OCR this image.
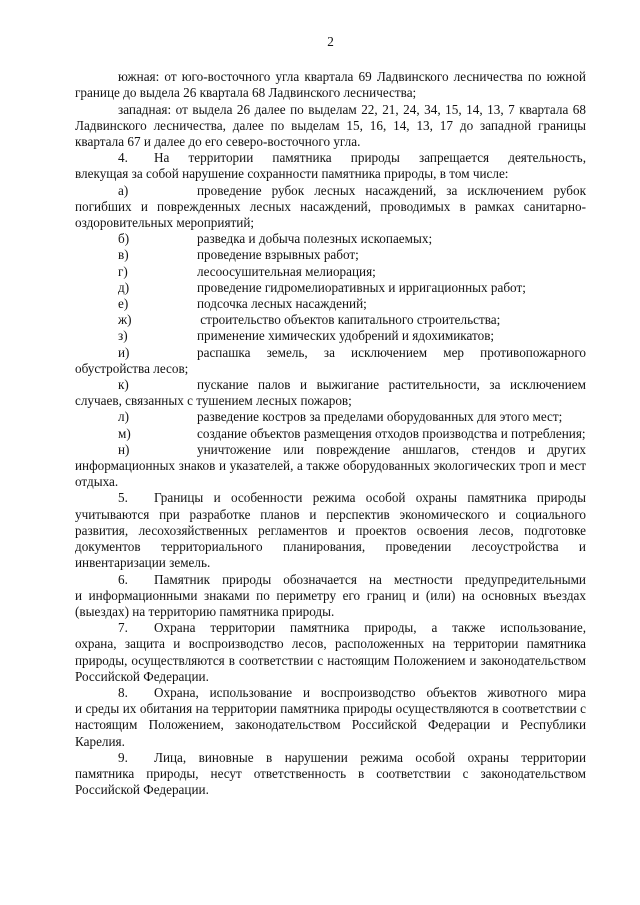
2

южная: от юго-восточного угла квартала 69 Ладвинского лесничества по южной границе до выдела 26 квартала 68 Ладвинского лесничества;

западная: от выдела 26 далее по выделам 22, 21, 24, 34, 15, 14, 13, 7 квартала 68 Ладвинского лесничества, далее по выделам 15, 16, 14, 13, 17 до западной границы квартала 67 и далее до его северо-восточного угла.

4.	На территории памятника природы запрещается деятельность,

влекущая за собой нарушение сохранности памятника природы, в том числе:

а)	проведение рубок лесных насаждений, за исключением рубок

погибших и поврежденных лесных насаждений, проводимых в рамках санитарно-оздоровительных мероприятий;

б)	разведка и добыча полезных ископаемых;
в)	проведение взрывных работ;
г)	лесоосушительная мелиорация;
д)	проведение гидромелиоративных и ирригационных работ;
е)	подсочка лесных насаждений;
ж)	строительство объектов капитального строительства;
з)	применение химических удобрений и ядохимикатов;
и)	распашка земель, за исключением мер противопожарного

обустройства лесов;

к)	пускание палов и выжигание растительности, за исключением

случаев, связанных с тушением лесных пожаров;

л)	разведение костров за пределами оборудованных для этого мест;
м)	создание объектов размещения отходов производства и потребления;
н)	уничтожение или повреждение аншлагов, стендов и других

информационных знаков и указателей, а также оборудованных экологических троп и мест отдыха.

5.	Границы и особенности режима особой охраны памятника природы

учитываются при разработке планов и перспектив экономического и социального развития, лесохозяйственных регламентов и проектов освоения лесов, подготовке документов территориального планирования, проведении лесоустройства и инвентаризации земель.

6.	Памятник природы обозначается на местности предупредительными

и информационными знаками по периметру его границ и (или) на основных въездах (выездах) на территорию памятника природы.

7.	Охрана территории памятника природы, а также использование,

охрана, защита и воспроизводство лесов, расположенных на территории памятника природы, осуществляются в соответствии с настоящим Положением и законодательством Российской Федерации.

8.	Охрана, использование и воспроизводство объектов животного мира

и среды их обитания на территории памятника природы осуществляются в соответствии с настоящим Положением, законодательством Российской Федерации и Республики Карелия.

9.	Лица, виновные в нарушении режима особой охраны территории

памятника природы, несут ответственность в соответствии с законодательством Российской Федерации.
